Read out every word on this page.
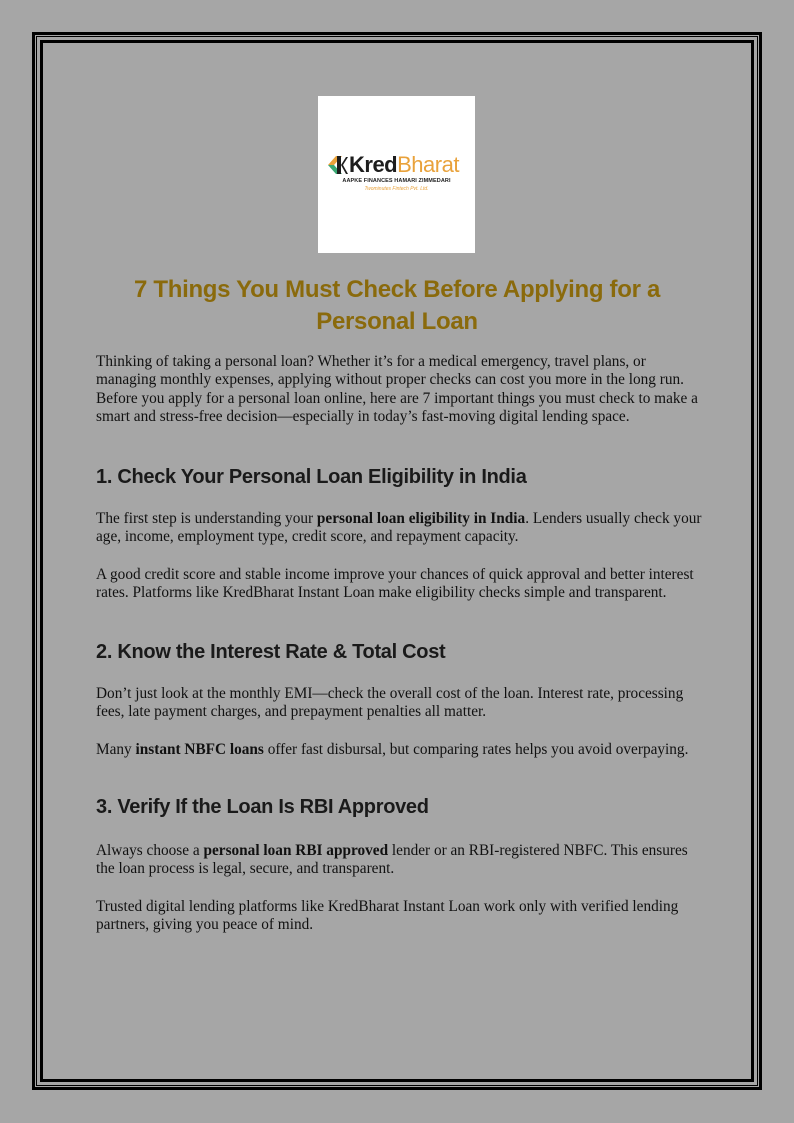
KredBharat
AAPKE FINANCES HAMARI ZIMMEDARI
Twominutes Fintech Pvt. Ltd.
7 Things You Must Check Before Applying for a Personal Loan

Thinking of taking a personal loan? Whether it’s for a medical emergency, travel plans, or managing monthly expenses, applying without proper checks can cost you more in the long run. Before you apply for a personal loan online, here are 7 important things you must check to make a smart and stress-free decision—especially in today’s fast-moving digital lending space.

1. Check Your Personal Loan Eligibility in India

The first step is understanding your personal loan eligibility in India. Lenders usually check your age, income, employment type, credit score, and repayment capacity.

A good credit score and stable income improve your chances of quick approval and better interest rates. Platforms like KredBharat Instant Loan make eligibility checks simple and transparent.

2. Know the Interest Rate & Total Cost

Don’t just look at the monthly EMI—check the overall cost of the loan. Interest rate, processing fees, late payment charges, and prepayment penalties all matter.

Many instant NBFC loans offer fast disbursal, but comparing rates helps you avoid overpaying.

3. Verify If the Loan Is RBI Approved

Always choose a personal loan RBI approved lender or an RBI-registered NBFC. This ensures the loan process is legal, secure, and transparent.

Trusted digital lending platforms like KredBharat Instant Loan work only with verified lending partners, giving you peace of mind.
